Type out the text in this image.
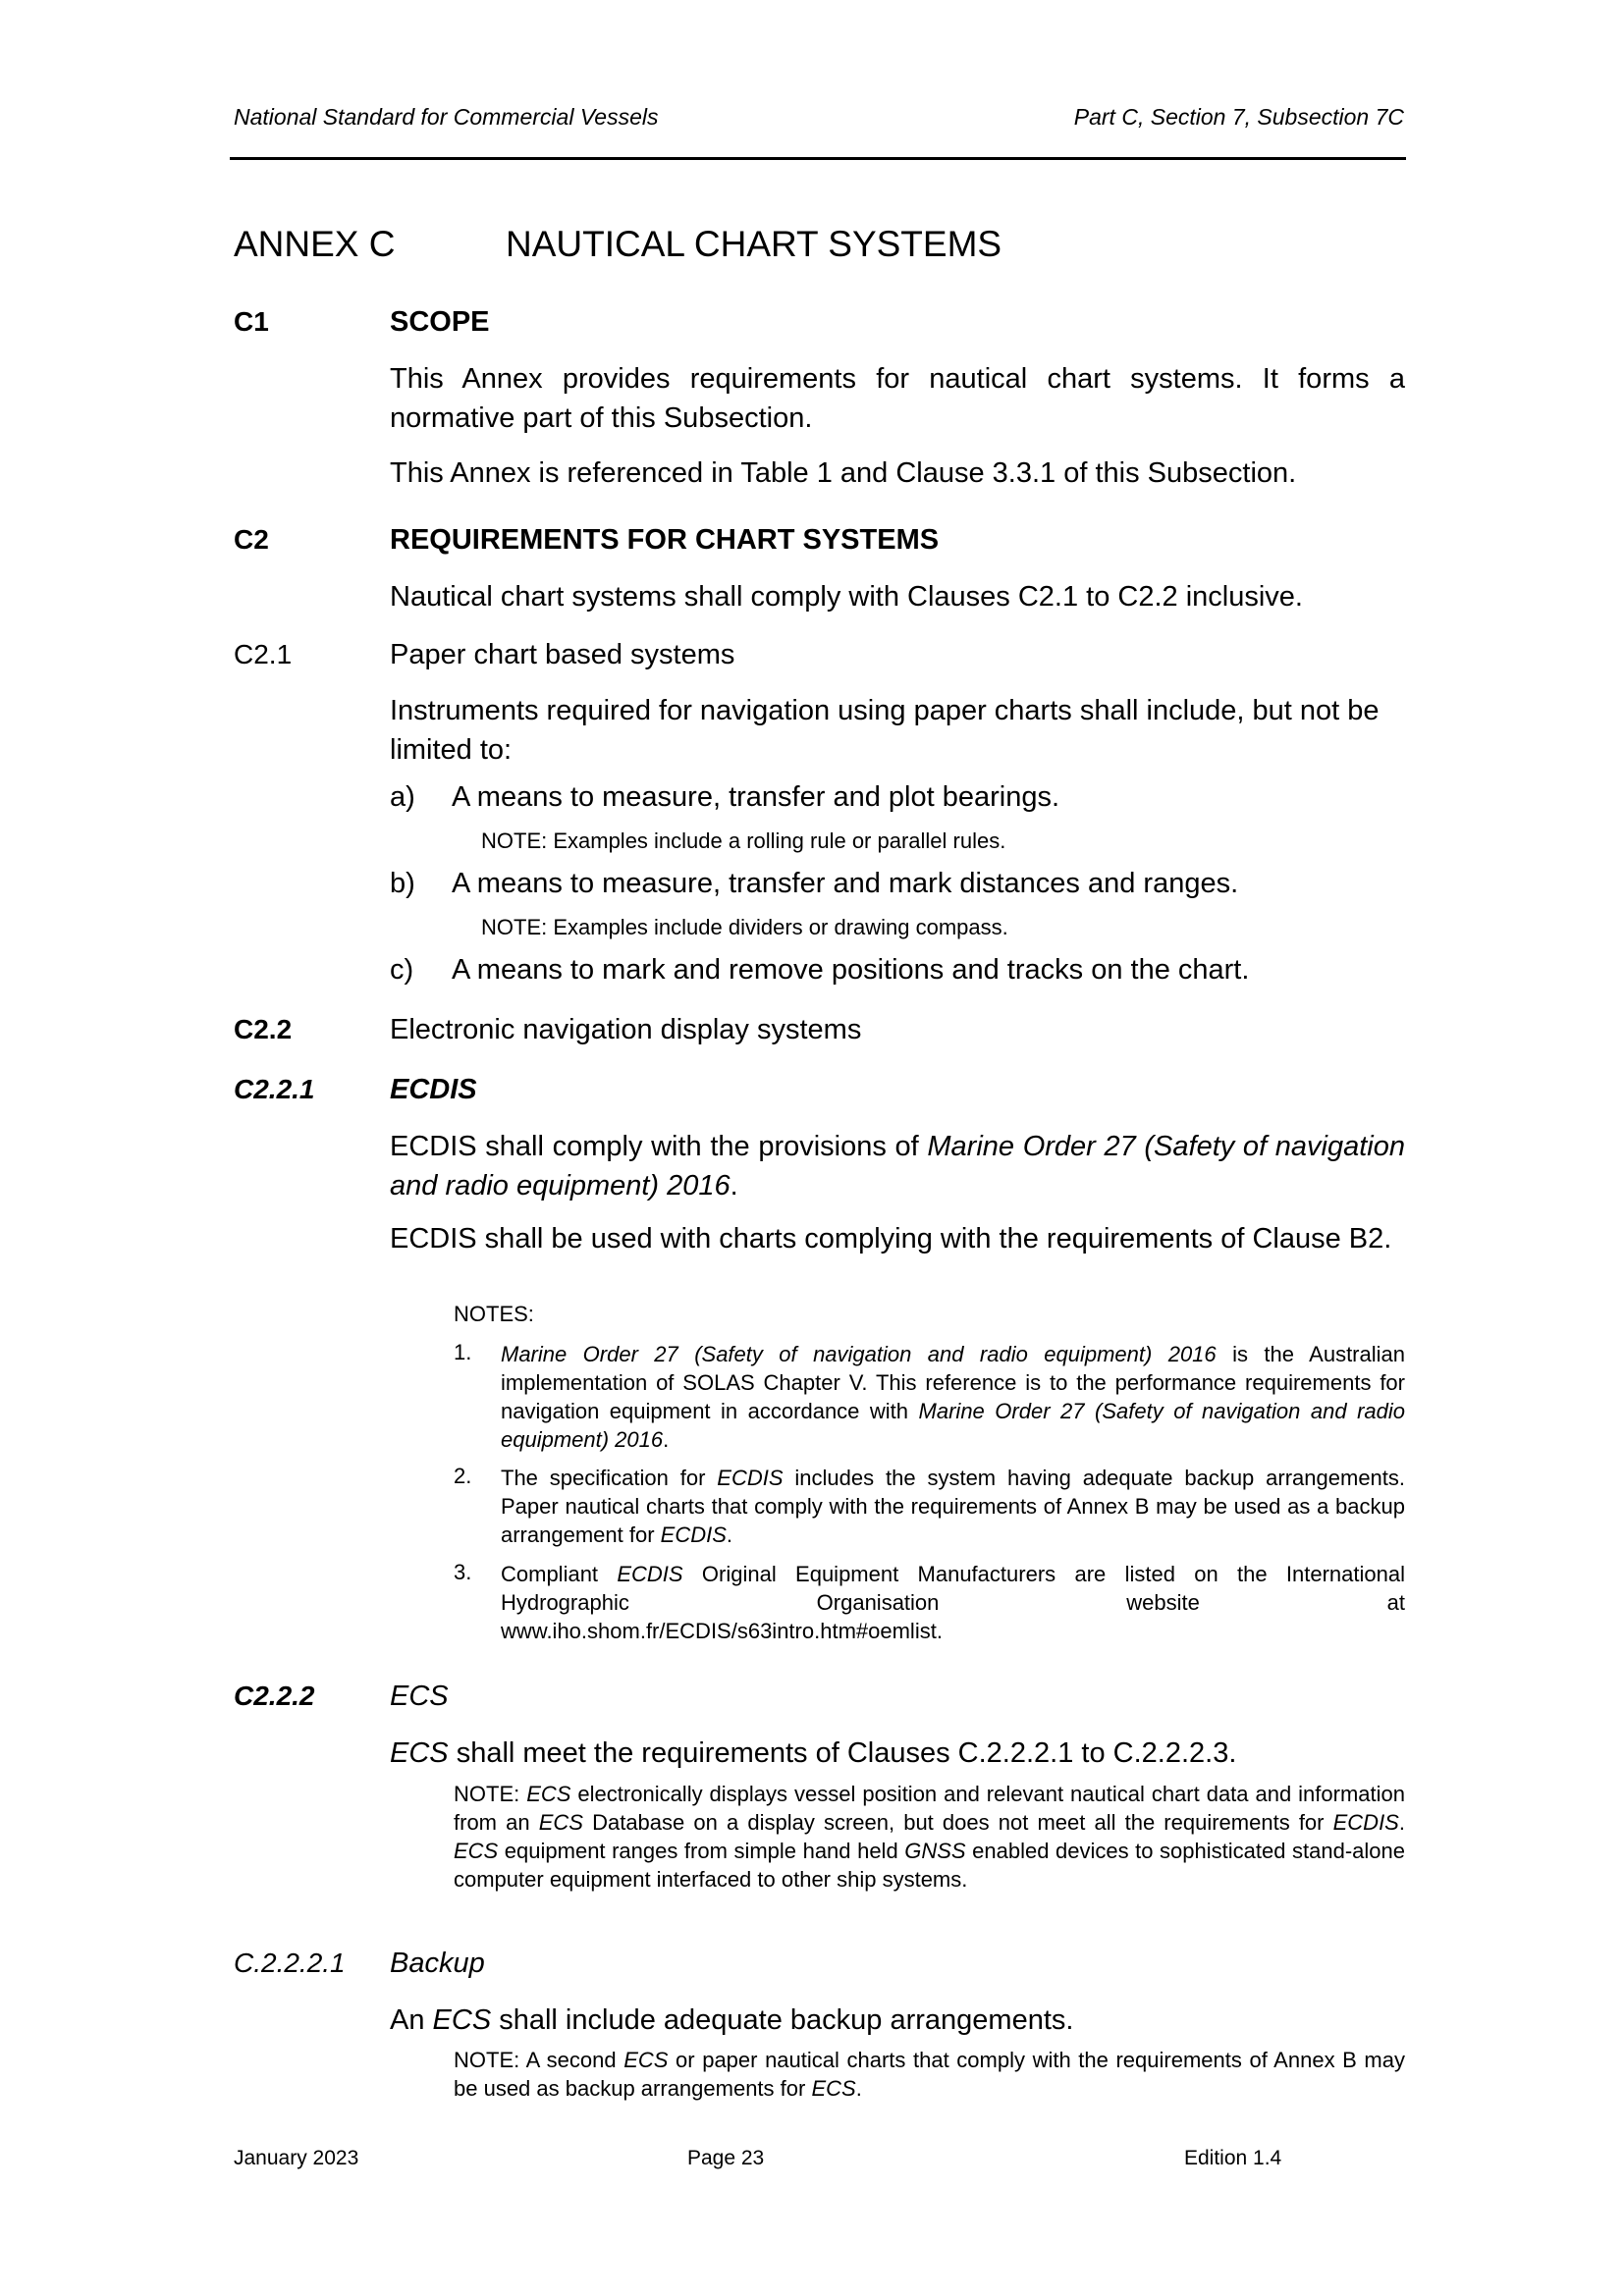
National Standard for Commercial Vessels	Part C, Section 7, Subsection 7C
ANNEX C	NAUTICAL CHART SYSTEMS
C1	SCOPE
This Annex provides requirements for nautical chart systems. It forms a normative part of this Subsection.
This Annex is referenced in Table 1 and Clause 3.3.1 of this Subsection.
C2	REQUIREMENTS FOR CHART SYSTEMS
Nautical chart systems shall comply with Clauses C2.1 to C2.2 inclusive.
C2.1	Paper chart based systems
Instruments required for navigation using paper charts shall include, but not be limited to:
a) A means to measure, transfer and plot bearings.
NOTE: Examples include a rolling rule or parallel rules.
b) A means to measure, transfer and mark distances and ranges.
NOTE: Examples include dividers or drawing compass.
c) A means to mark and remove positions and tracks on the chart.
C2.2	Electronic navigation display systems
C2.2.1	ECDIS
ECDIS shall comply with the provisions of Marine Order 27 (Safety of navigation and radio equipment) 2016.
ECDIS shall be used with charts complying with the requirements of Clause B2.
NOTES:
1. Marine Order 27 (Safety of navigation and radio equipment) 2016 is the Australian implementation of SOLAS Chapter V. This reference is to the performance requirements for navigation equipment in accordance with Marine Order 27 (Safety of navigation and radio equipment) 2016.
2. The specification for ECDIS includes the system having adequate backup arrangements. Paper nautical charts that comply with the requirements of Annex B may be used as a backup arrangement for ECDIS.
3. Compliant ECDIS Original Equipment Manufacturers are listed on the International Hydrographic Organisation website at
www.iho.shom.fr/ECDIS/s63intro.htm#oemlist.
C2.2.2	ECS
ECS shall meet the requirements of Clauses C.2.2.2.1 to C.2.2.2.3.
NOTE: ECS electronically displays vessel position and relevant nautical chart data and information from an ECS Database on a display screen, but does not meet all the requirements for ECDIS. ECS equipment ranges from simple hand held GNSS enabled devices to sophisticated stand-alone computer equipment interfaced to other ship systems.
C.2.2.2.1 Backup
An ECS shall include adequate backup arrangements.
NOTE: A second ECS or paper nautical charts that comply with the requirements of Annex B may be used as backup arrangements for ECS.
January 2023	Page 23	Edition 1.4
